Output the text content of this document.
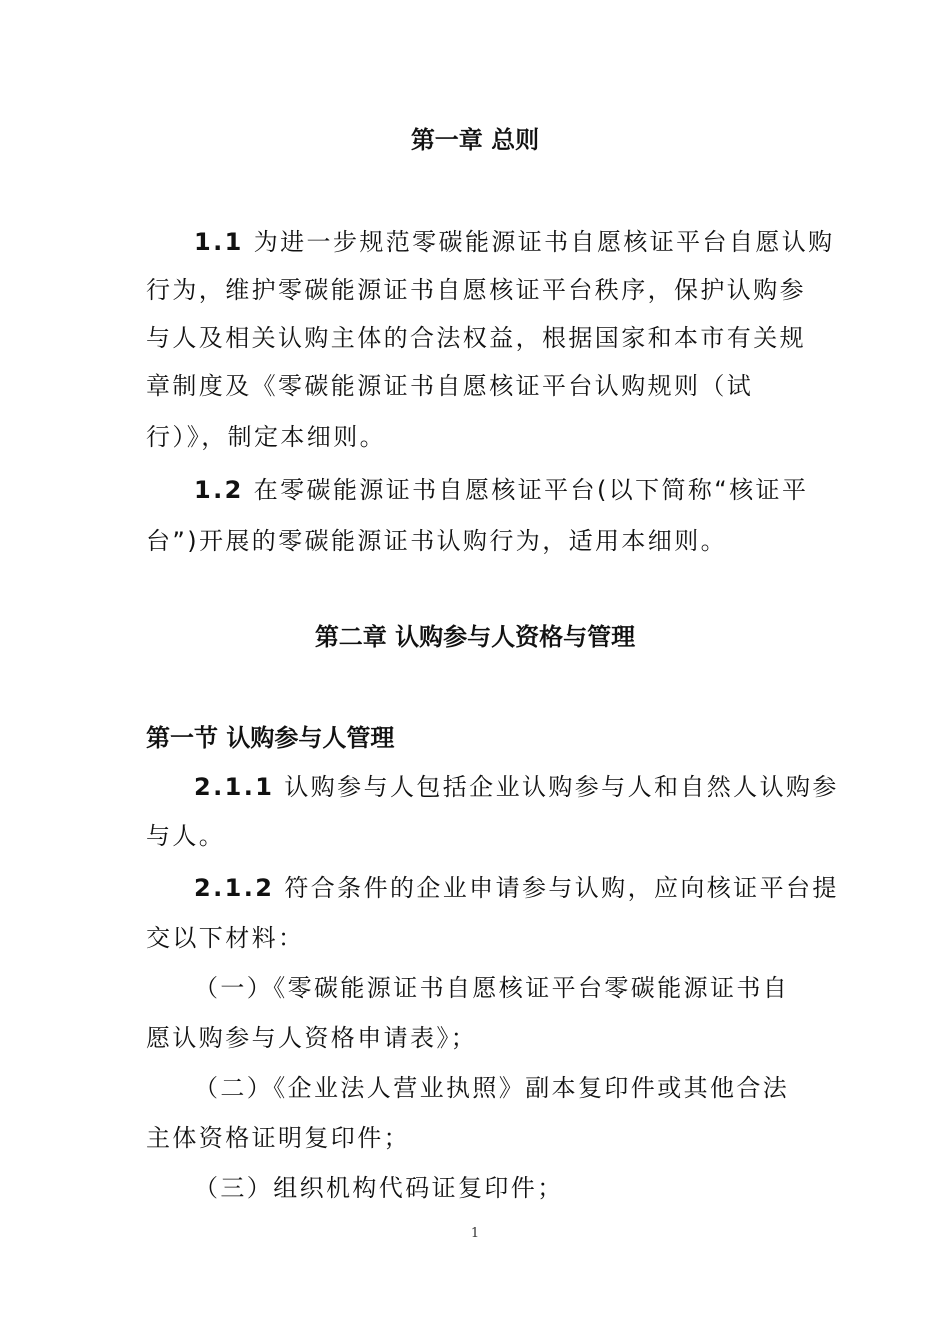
第一章 总则
1.1 为进一步规范零碳能源证书自愿核证平台自愿认购
行为，维护零碳能源证书自愿核证平台秩序，保护认购参
与人及相关认购主体的合法权益，根据国家和本市有关规
章制度及《零碳能源证书自愿核证平台认购规则（试
行）》，制定本细则。
1.2 在零碳能源证书自愿核证平台(以下简称“核证平
台”)开展的零碳能源证书认购行为，适用本细则。
第二章 认购参与人资格与管理
第一节 认购参与人管理
2.1.1 认购参与人包括企业认购参与人和自然人认购参
与人。
2.1.2 符合条件的企业申请参与认购，应向核证平台提
交以下材料：
（一）《零碳能源证书自愿核证平台零碳能源证书自
愿认购参与人资格申请表》；
（二）《企业法人营业执照》副本复印件或其他合法
主体资格证明复印件；
（三）组织机构代码证复印件；
1
